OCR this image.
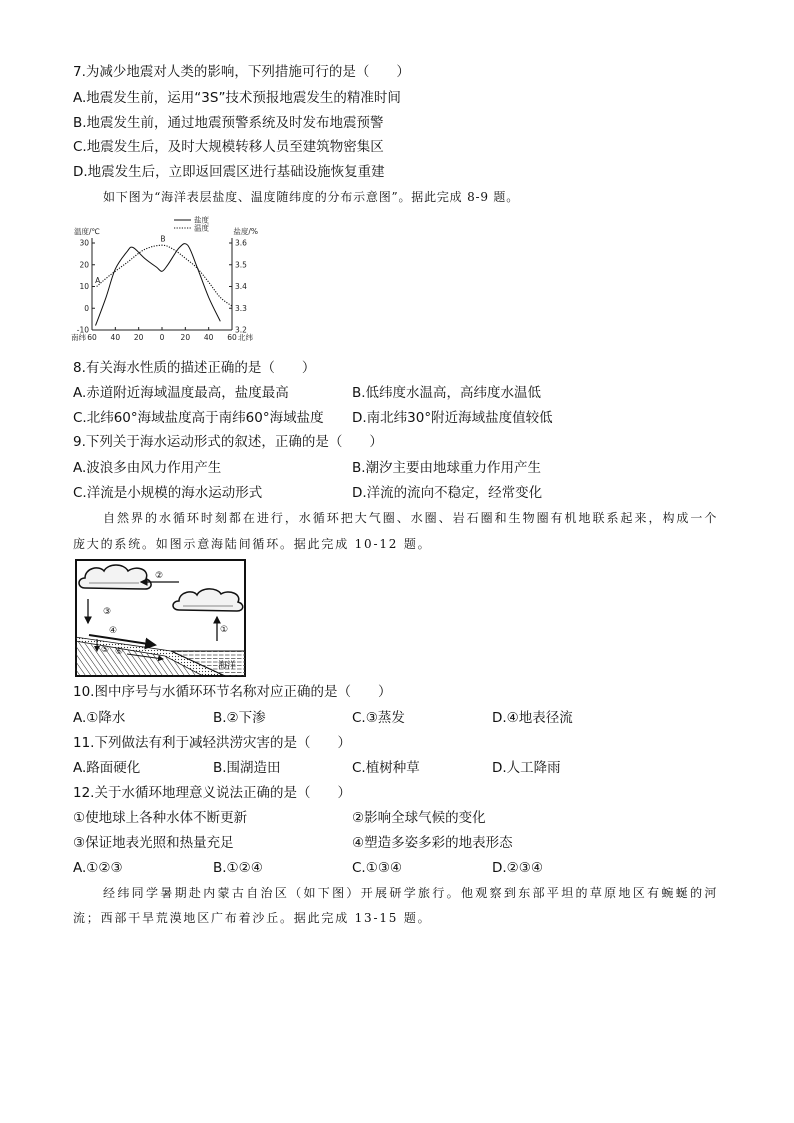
7.为减少地震对人类的影响，下列措施可行的是（　　）
A.地震发生前，运用“3S”技术预报地震发生的精准时间
B.地震发生前，通过地震预警系统及时发布地震预警
C.地震发生后，及时大规模转移人员至建筑物密集区
D.地震发生后，立即返回震区进行基础设施恢复重建
如下图为“海洋表层盐度、温度随纬度的分布示意图”。据此完成 8-9 题。
30
20
10
0
-10
3.6
3.5
3.4
3.3
3.2
60 40 20 0 20 40 60
南纬	北纬
温度/℃	盐度/%
盐度
温度
A
B
8.有关海水性质的描述正确的是（　　）
A.赤道附近海域温度最高，盐度最高	B.低纬度水温高，高纬度水温低
C.北纬60°海域盐度高于南纬60°海域盐度 D.南北纬30°附近海域盐度值较低
9.下列关于海水运动形式的叙述，正确的是（　　）
A.波浪多由风力作用产生	B.潮汐主要由地球重力作用产生
C.洋流是小规模的海水运动形式	D.洋流的流向不稳定，经常变化
自然界的水循环时刻都在进行，水循环把大气圈、水圈、岩石圈和生物圈有机地联系起来，构成一个
庞大的系统。如图示意海陆间循环。据此完成 10-12 题。
①
②
③
④
⑤ ⑥
海洋
10.图中序号与水循环环节名称对应正确的是（　　）
A.①降水	B.②下渗	C.③蒸发	D.④地表径流
11.下列做法有利于减轻洪涝灾害的是（　　）
A.路面硬化	B.围湖造田	C.植树种草	D.人工降雨
12.关于水循环地理意义说法正确的是（　　）
①使地球上各种水体不断更新	②影响全球气候的变化
③保证地表光照和热量充足	④塑造多姿多彩的地表形态
A.①②③	B.①②④	C.①③④	D.②③④
经纬同学暑期赴内蒙古自治区（如下图）开展研学旅行。他观察到东部平坦的草原地区有蜿蜒的河
流；西部干旱荒漠地区广布着沙丘。据此完成 13-15 题。
